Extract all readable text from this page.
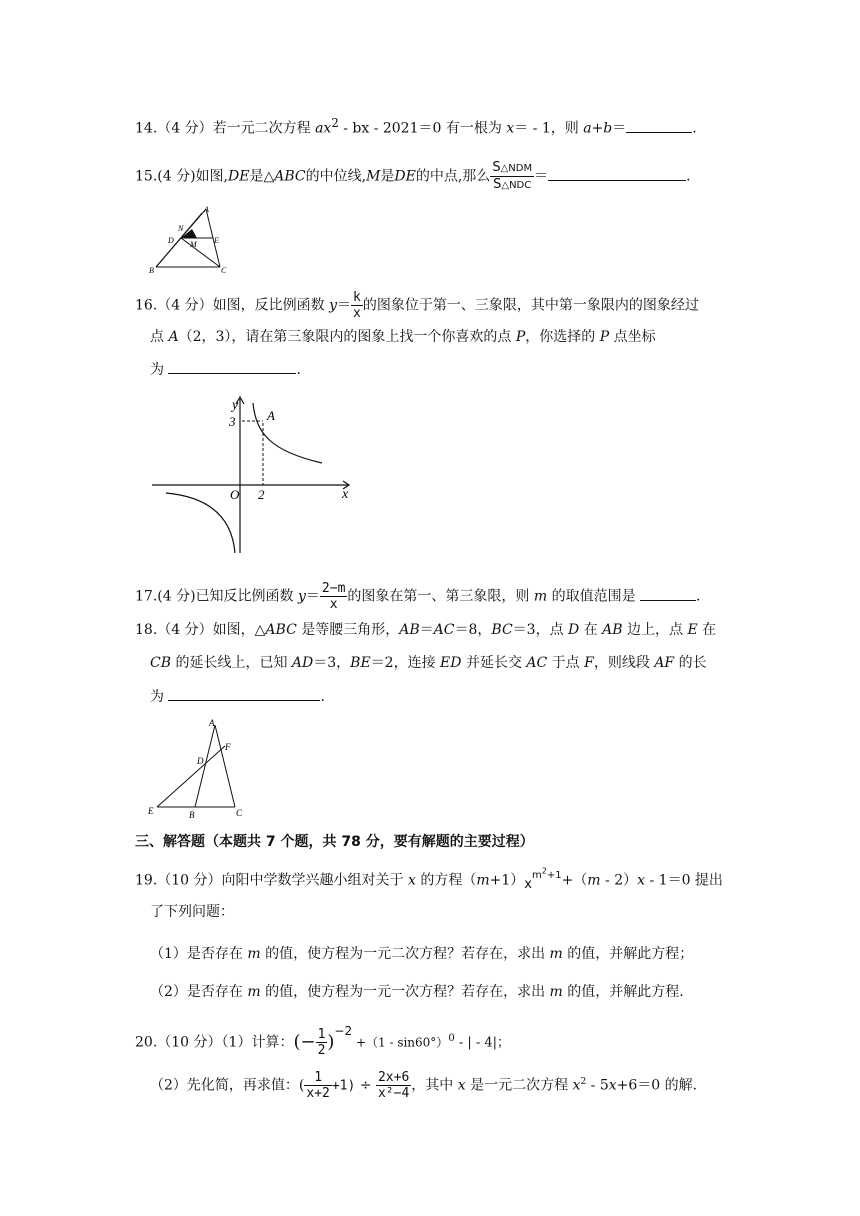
14.（4 分）若一元二次方程 $ax^2$ ‐ bx ‐ 2021＝0 有一根为 x＝ ‐ 1，则 a+b＝	.
15.(4 分)如图,DE是△ABC的中位线,M是DE的中点,那么 $\frac{\text{S△NDM}}{\text{S△NDC}}$ ＝	.
A
N
D M E
B	C
16.（4 分）如图，反比例函数 $y= \frac{k}{x}$ 的图象位于第一、三象限，其中第一象限内的图象经过
点 A（2，3），请在第三象限内的图象上找一个你喜欢的点 P，你选择的 P 点坐标
为	.
y
x
O
3
2
A
17.(4 分)已知反比例函数 $y= \frac{2-m}{x}$ 的图象在第一、第三象限，则 m 的取值范围是	.
18.（4 分）如图，△ABC 是等腰三角形，AB＝AC＝8，BC＝3，点 D 在 AB 边上，点 E 在
CB 的延长线上，已知 AD＝3，BE＝2，连接 ED 并延长交 AC 于点 F，则线段 AF 的长
为	.
A
F
D
E	B	C
三、解答题（本题共 7 个题，共 78 分，要有解题的主要过程）
19.（10 分）向阳中学数学兴趣小组对关于 x 的方程$(m+1)x^{m^2+1}+(m$ ‐ 2）x ‐ 1＝0 提出
了下列问题：
（1）是否存在 m 的值，使方程为一元二次方程？若存在，求出 m 的值，并解此方程；
（2）是否存在 m 的值，使方程为一元一次方程？若存在，求出 m 的值，并解此方程.
20.（10 分）（1）计算：(− $\frac{1}{2} )-2 +(1$ ‐ sin60°）$^0$ ‐ | ‐ 4|；
（2）先化简，再求值：( $\frac{1}{x+2} +1) \div \frac{2x+6}{\text{x²−4}}$ ，其中 x 是一元二次方程 $x^2$ ‐ 5x+6＝0 的解.
